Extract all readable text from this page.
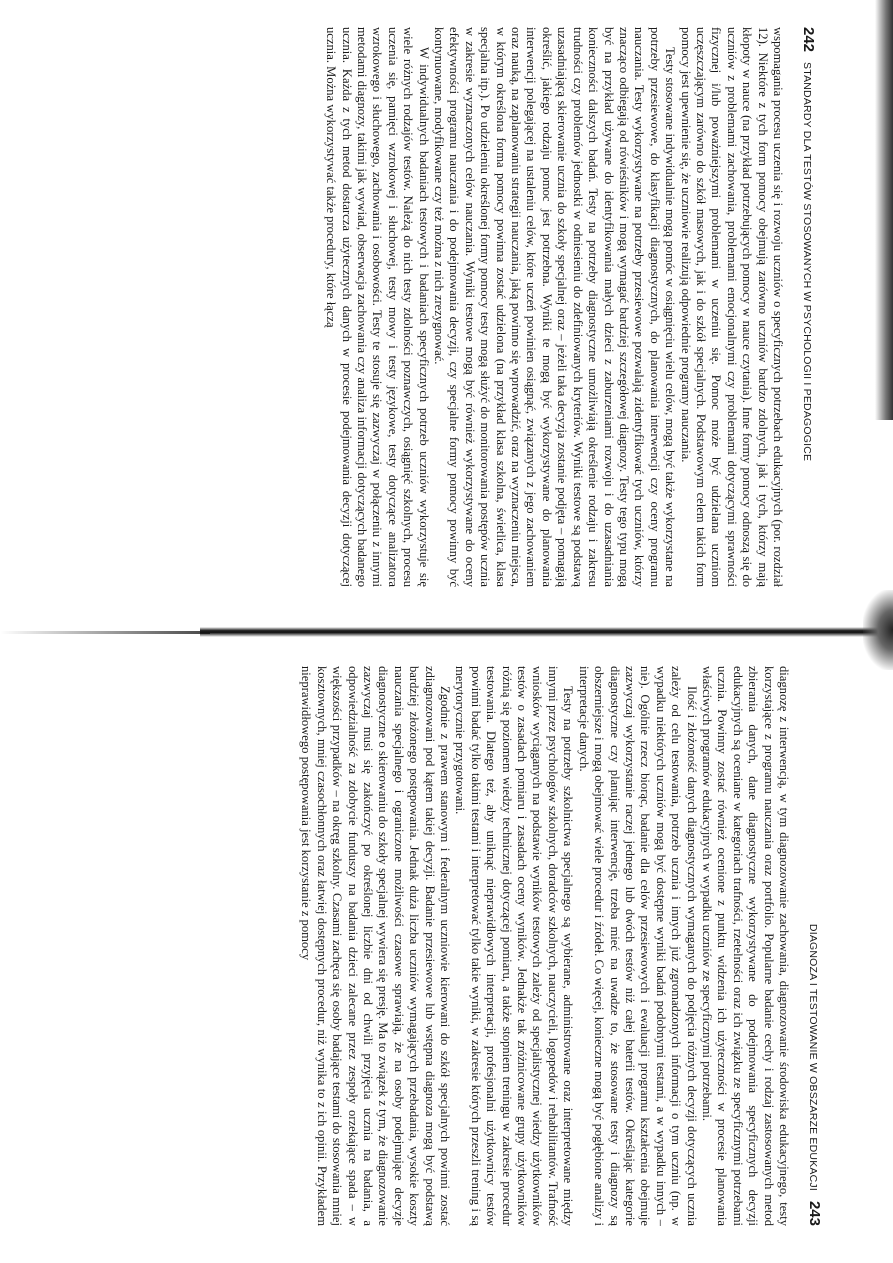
242STANDARDY DLA TESTÓW STOSOWANYCH W PSYCHOLOGII I PEDAGOGICE

wspomagania procesu uczenia się i rozwoju uczniów o specyficznych potrzebach edukacyjnych (por. rozdział 12). Niektóre z tych form pomocy obejmują zarówno uczniów bardzo zdolnych, jak i tych, którzy mają kłopoty w nauce (na przykład potrzebujących pomocy w nauce czytania). Inne formy pomocy odnoszą się do uczniów z problemami zachowania, problemami emocjonalnymi czy problemami dotyczącymi sprawności fizycznej i/lub poważniejszymi problemami w uczeniu się. Pomoc może być udzielana uczniom uczęszczającym zarówno do szkół masowych, jak i do szkół specjalnych. Podstawowym celem takich form pomocy jest upewnienie się, że uczniowie realizują odpowiednie programy nauczania.

Testy stosowane indywidualnie mogą pomóc w osiągnięciu wielu celów, mogą być także wykorzystane na potrzeby przesiewowe, do klasyfikacji diagnostycznych, do planowania interwencji czy oceny programu nauczania. Testy wykorzystywane na potrzeby przesiewowe pozwalają zidentyfikować tych uczniów, którzy znacząco odbiegają od rówieśników i mogą wymagać bardziej szczegółowej diagnozy. Testy tego typu mogą być na przykład używane do identyfikowania małych dzieci z zaburzeniami rozwoju i do uzasadniania konieczności dalszych badań. Testy na potrzeby diagnostyczne umożliwiają określenie rodzaju i zakresu trudności czy problemów jednostki w odniesieniu do zdefiniowanych kryteriów. Wyniki testowe są podstawą uzasadniającą skierowanie ucznia do szkoły specjalnej oraz – jeżeli taka decyzja zostanie podjęta – pomagają określić, jakiego rodzaju pomoc jest potrzebna. Wyniki te mogą być wykorzystywane do planowania interwencji polegającej na ustaleniu celów, które uczeń powinien osiągnąć, związanych z jego zachowaniem oraz nauką, na zaplanowaniu strategii nauczania, jaką powinno się wprowadzić, oraz na wyznaczeniu miejsca, w którym określona forma pomocy powinna zostać udzielona (na przykład klasa szkolna, świetlica, klasa specjalna itp.). Po udzieleniu określonej formy pomocy testy mogą służyć do monitorowania postępów ucznia w zakresie wyznaczonych celów nauczania. Wyniki testowe mogą być również wykorzystywane do oceny efektywności programu nauczania i do podejmowania decyzji, czy specjalne formy pomocy powinny być kontynuowane, modyfikowane czy też można z nich zrezygnować.

W indywidualnych badaniach testowych i badaniach specyficznych potrzeb uczniów wykorzystuje się wiele różnych rodzajów testów. Należą do nich testy zdolności poznawczych, osiągnięć szkolnych, procesu uczenia się, pamięci wzrokowej i słuchowej, testy mowy i testy językowe, testy dotyczące analizatora wzrokowego i słuchowego, zachowania i osobowości. Testy te stosuje się zazwyczaj w połączeniu z innymi metodami diagnozy, takimi jak wywiad, obserwacja zachowania czy analiza informacji dotyczących badanego ucznia. Każda z tych metod dostarcza użytecznych danych w procesie podejmowania decyzji dotyczącej ucznia. Można wykorzystywać także procedury, które łączą

DIAGNOZA I TESTOWANIE W OBSZARZE EDUKACJI243

diagnozę z interwencją, w tym diagnozowanie zachowania, diagnozowanie środowiska edukacyjnego, testy korzystające z programu nauczania oraz portfolio. Popularne badanie cechy i rodzaj zastosowanych metod zbierania danych, dane diagnostyczne wykorzystywane do podejmowania specyficznych decyzji edukacyjnych są oceniane w kategoriach trafności, rzetelności oraz ich związku ze specyficznymi potrzebami ucznia. Powinny zostać również ocenione z punktu widzenia ich użyteczności w procesie planowania właściwych programów edukacyjnych w wypadku uczniów ze specyficznymi potrzebami.

Ilość i złożoność danych diagnostycznych wymaganych do podjęcia różnych decyzji dotyczących ucznia zależy od celu testowania, potrzeb ucznia i innych już zgromadzonych informacji o tym uczniu (np. w wypadku niektórych uczniów mogą być dostępne wyniki badań podobnymi testami, a w wypadku innych – nie). Ogólnie rzecz biorąc, badanie dla celów przesiewowych i ewaluacji programu kształcenia obejmuje zazwyczaj wykorzystanie raczej jednego lub dwóch testów niż całej baterii testów. Określając kategorie diagnostyczne czy planując interwencję, trzeba mieć na uwadze to, że stosowane testy i diagnozy są obszerniejsze i mogą obejmować wiele procedur i źródeł. Co więcej, konieczne mogą być pogłębione analizy i interpretacje danych.

Testy na potrzeby szkolnictwa specjalnego są wybierane, administrowane oraz interpretowane między innymi przez psychologów szkolnych, doradców szkolnych, nauczycieli, logopedów i rehabilitantów. Trafność wniosków wyciąganych na podstawie wyników testowych zależy od specjalistycznej wiedzy użytkowników testów o zasadach pomiaru i zasadach oceny wyników. Jednakże tak zróżnicowane grupy użytkowników różnią się poziomem wiedzy technicznej dotyczącej pomiaru, a także stopniem treningu w zakresie procedur testowania. Dlatego też, aby uniknąć nieprawidłowych interpretacji, profesjonalni użytkownicy testów powinni badać tylko takimi testami i interpretować tylko takie wyniki, w zakresie których przeszli trening i są merytorycznie przygotowani.

Zgodnie z prawem stanowym i federalnym uczniowie kierowani do szkół specjalnych powinni zostać zdiagnozowani pod kątem takiej decyzji. Badanie przesiewowe lub wstępna diagnoza mogą być podstawą bardziej złożonego postępowania. Jednak duża liczba uczniów wymagających przebadania, wysokie koszty nauczania specjalnego i ograniczone możliwości czasowe sprawiają, że na osoby podejmujące decyzje diagnostyczne o skierowaniu do szkoły specjalnej wywiera się presję. Ma to związek z tym, że diagnozowanie zazwyczaj musi się zakończyć po określonej liczbie dni od chwili przyjęcia ucznia na badania, a odpowiedzialność za zdobycie funduszy na badania dzieci zalecane przez zespoły orzekające spada – w większości przypadków – na okręg szkolny. Czasami zachęca się osoby badające testami do stosowania mniej kosztownych, mniej czasochłonnych oraz łatwiej dostępnych procedur, niż wynika to z ich opinii. Przykładem nieprawidłowego postępowania jest korzystanie z pomocy
